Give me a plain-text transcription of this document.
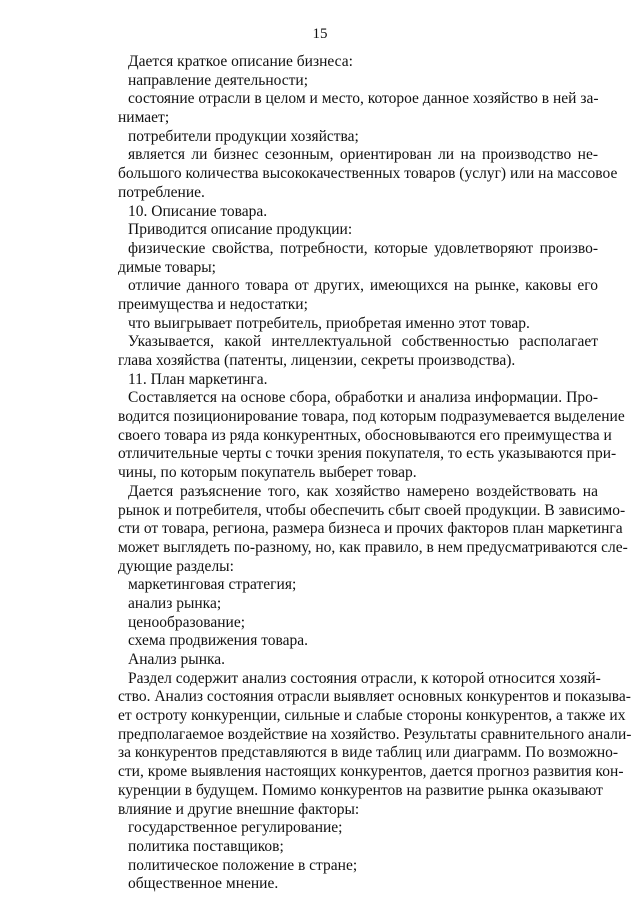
15
Дается краткое описание бизнеса:
направление деятельности;
состояние отрасли в целом и место, которое данное хозяйство в ней за-
нимает;
потребители продукции хозяйства;
является ли бизнес сезонным, ориентирован ли на производство не-
большого количества высококачественных товаров (услуг) или на массовое
потребление.
10. Описание товара.
Приводится описание продукции:
физические свойства, потребности, которые удовлетворяют произво-
димые товары;
отличие данного товара от других, имеющихся на рынке, каковы его
преимущества и недостатки;
что выигрывает потребитель, приобретая именно этот товар.
Указывается, какой интеллектуальной собственностью располагает
глава хозяйства (патенты, лицензии, секреты производства).
11. План маркетинга.
Составляется на основе сбора, обработки и анализа информации. Про-
водится позиционирование товара, под которым подразумевается выделение
своего товара из ряда конкурентных, обосновываются его преимущества и
отличительные черты с точки зрения покупателя, то есть указываются при-
чины, по которым покупатель выберет товар.
Дается разъяснение того, как хозяйство намерено воздействовать на
рынок и потребителя, чтобы обеспечить сбыт своей продукции. В зависимо-
сти от товара, региона, размера бизнеса и прочих факторов план маркетинга
может выглядеть по-разному, но, как правило, в нем предусматриваются сле-
дующие разделы:
маркетинговая стратегия;
анализ рынка;
ценообразование;
схема продвижения товара.
Анализ рынка.
Раздел содержит анализ состояния отрасли, к которой относится хозяй-
ство. Анализ состояния отрасли выявляет основных конкурентов и показыва-
ет остроту конкуренции, сильные и слабые стороны конкурентов, а также их
предполагаемое воздействие на хозяйство. Результаты сравнительного анали-
за конкурентов представляются в виде таблиц или диаграмм. По возможно-
сти, кроме выявления настоящих конкурентов, дается прогноз развития кон-
куренции в будущем. Помимо конкурентов на развитие рынка оказывают
влияние и другие внешние факторы:
государственное регулирование;
политика поставщиков;
политическое положение в стране;
общественное мнение.
